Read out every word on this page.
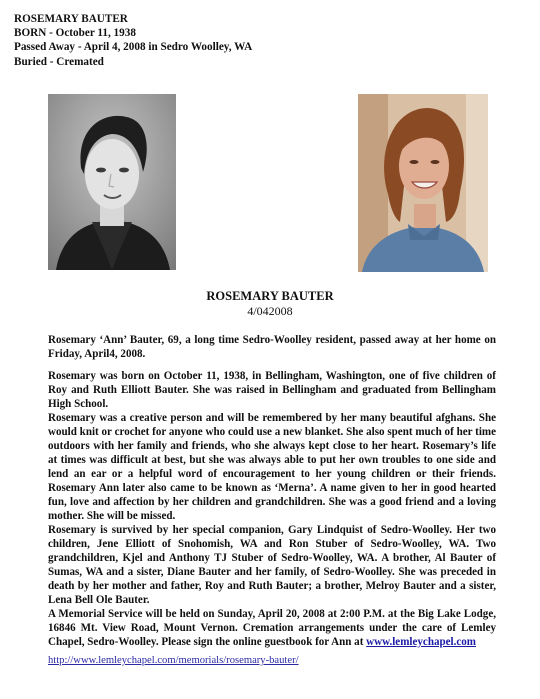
ROSEMARY BAUTER
BORN - October 11, 1938
Passed Away - April 4, 2008 in Sedro Woolley, WA
Buried - Cremated
ROSEMARY BAUTER
4/042008

Rosemary ‘Ann’ Bauter, 69, a long time Sedro-Woolley resident, passed away at her home on Friday, April4, 2008.

Rosemary was born on October 11, 1938, in Bellingham, Washington, one of five children of Roy and Ruth Elliott Bauter. She was raised in Bellingham and graduated from Bellingham High School.

Rosemary was a creative person and will be remembered by her many beautiful afghans. She would knit or crochet for anyone who could use a new blanket. She also spent much of her time outdoors with her family and friends, who she always kept close to her heart. Rosemary’s life at times was difficult at best, but she was always able to put her own troubles to one side and lend an ear or a helpful word of encouragement to her young children or their friends. Rosemary Ann later also came to be known as ‘Merna’. A name given to her in good hearted fun, love and affection by her children and grandchildren. She was a good friend and a loving mother. She will be missed.

Rosemary is survived by her special companion, Gary Lindquist of Sedro-Woolley. Her two children, Jene Elliott of Snohomish, WA and Ron Stuber of Sedro-Woolley, WA. Two grandchildren, Kjel and Anthony TJ Stuber of Sedro-Woolley, WA. A brother, Al Bauter of Sumas, WA and a sister, Diane Bauter and her family, of Sedro-Woolley. She was preceded in death by her mother and father, Roy and Ruth Bauter; a brother, Melroy Bauter and a sister, Lena Bell Ole Bauter.

A Memorial Service will be held on Sunday, April 20, 2008 at 2:00 P.M. at the Big Lake Lodge, 16846 Mt. View Road, Mount Vernon. Cremation arrangements under the care of Lemley Chapel, Sedro-Woolley. Please sign the online guestbook for Ann at www.lemleychapel.com

http://www.lemleychapel.com/memorials/rosemary-bauter/
